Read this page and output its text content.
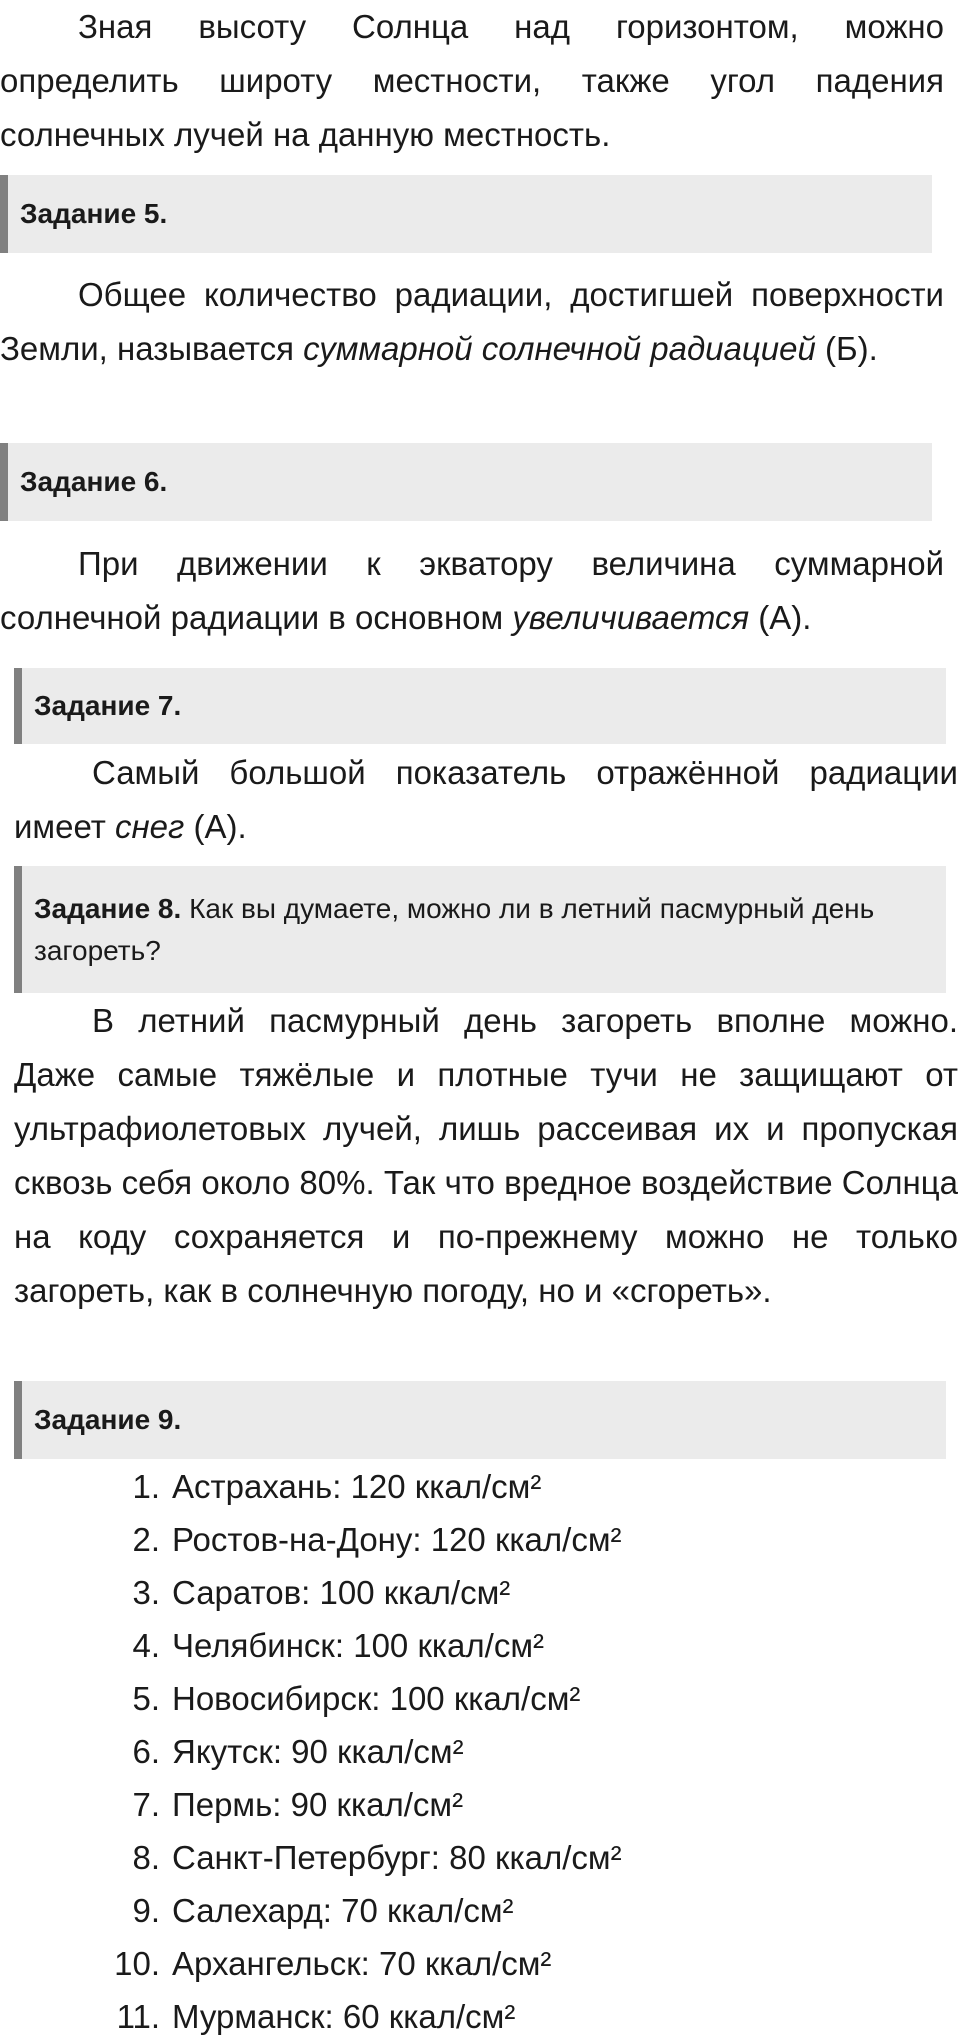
Зная высоту Солнца над горизонтом, можно определить широту местности, также угол падения солнечных лучей на данную местность.

Задание 5.

Общее количество радиации, достигшей поверхности Земли, называется суммарной солнечной радиацией (Б).

Задание 6.

При движении к экватору величина суммарной солнечной радиации в основном увеличивается (А).

Задание 7.

Самый большой показатель отражённой радиации имеет снег (А).

Задание 8. Как вы думаете, можно ли в летний пасмурный день загореть?

В летний пасмурный день загореть вполне можно. Даже самые тяжёлые и плотные тучи не защищают от ультрафиолетовых лучей, лишь рассеивая их и пропуская сквозь себя около 80%. Так что вредное воздействие Солнца на коду сохраняется и по-прежнему можно не только загореть, как в солнечную погоду, но и «сгореть».

Задание 9.
1. Астрахань: 120 ккал/см²
2. Ростов-на-Дону: 120 ккал/см²
3. Саратов: 100 ккал/см²
4. Челябинск: 100 ккал/см²
5. Новосибирск: 100 ккал/см²
6. Якутск: 90 ккал/см²
7. Пермь: 90 ккал/см²
8. Санкт-Петербург: 80 ккал/см²
9. Салехард: 70 ккал/см²
10. Архангельск: 70 ккал/см²
11. Мурманск: 60 ккал/см²
